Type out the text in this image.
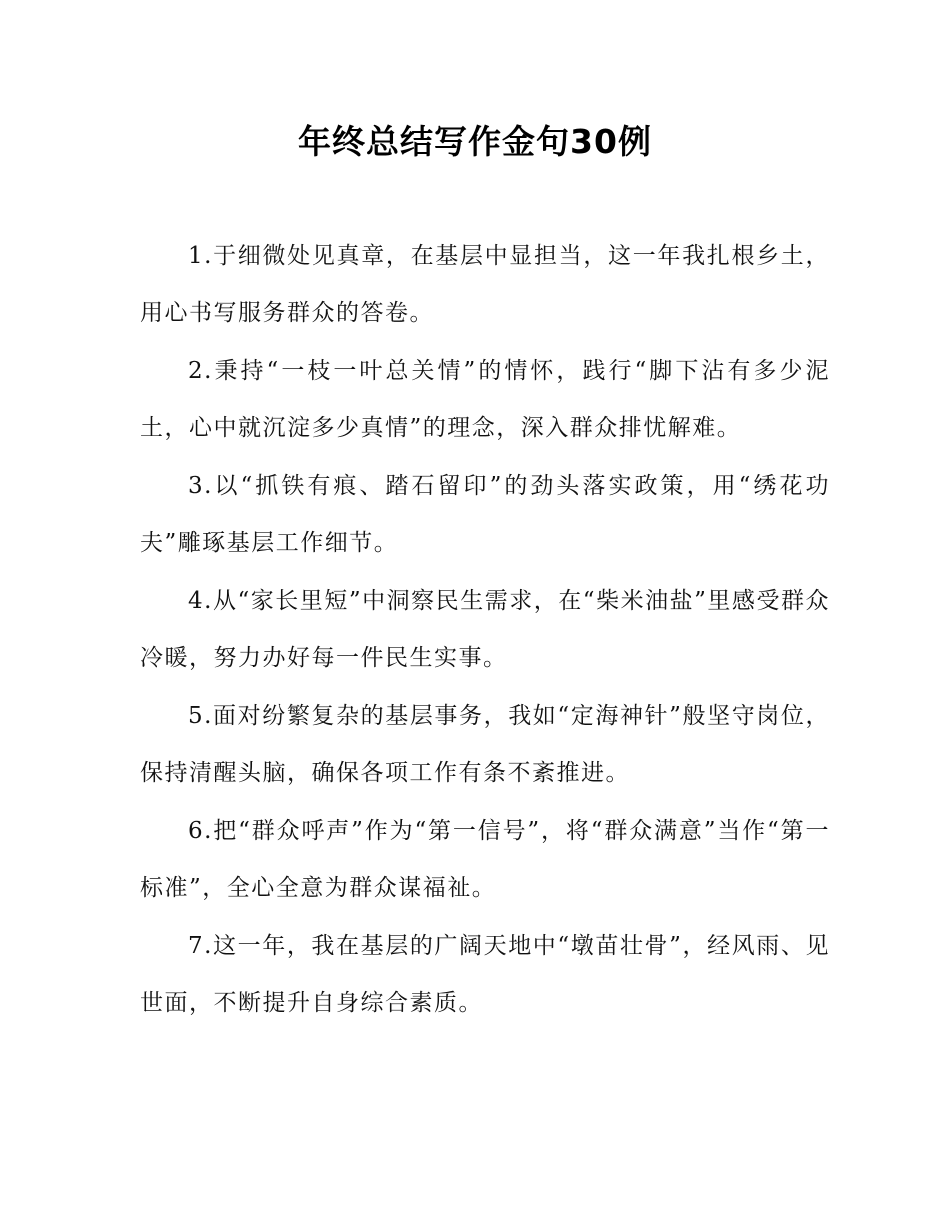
年终总结写作金句30例

1.于细微处见真章，在基层中显担当，这一年我扎根乡土，用心书写服务群众的答卷。

2.秉持“一枝一叶总关情”的情怀，践行“脚下沾有多少泥土，心中就沉淀多少真情”的理念，深入群众排忧解难。

3.以“抓铁有痕、踏石留印”的劲头落实政策，用“绣花功夫”雕琢基层工作细节。

4.从“家长里短”中洞察民生需求，在“柴米油盐”里感受群众冷暖，努力办好每一件民生实事。

5.面对纷繁复杂的基层事务，我如“定海神针”般坚守岗位，保持清醒头脑，确保各项工作有条不紊推进。

6.把“群众呼声”作为“第一信号”，将“群众满意”当作“第一标准”，全心全意为群众谋福祉。

7.这一年，我在基层的广阔天地中“墩苗壮骨”，经风雨、见世面，不断提升自身综合素质。
